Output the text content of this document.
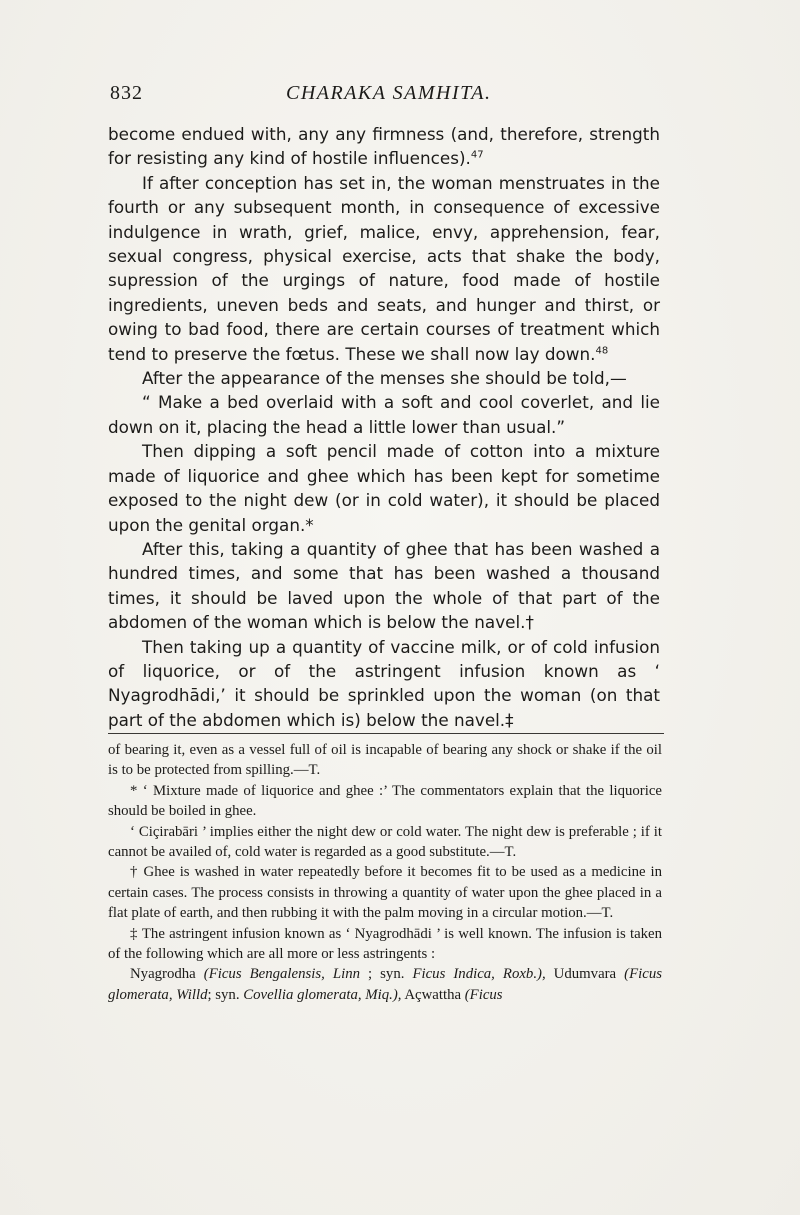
832	CHARAKA SAMHITA.

become endued with, any any firmness (and, therefore, strength for resisting any kind of hostile influences).$^{47}$

If after conception has set in, the woman menstruates in the fourth or any subsequent month, in consequence of excessive indulgence in wrath, grief, malice, envy, apprehension, fear, sexual congress, physical exercise, acts that shake the body, supression of the urgings of nature, food made of hostile ingredients, uneven beds and seats, and hunger and thirst, or owing to bad food, there are certain courses of treatment which tend to preserve the fœtus. These we shall now lay down.$^{48}$

After the appearance of the menses she should be told,—

“ Make a bed overlaid with a soft and cool coverlet, and lie down on it, placing the head a little lower than usual.”

Then dipping a soft pencil made of cotton into a mixture made of liquorice and ghee which has been kept for sometime exposed to the night dew (or in cold water), it should be placed upon the genital organ.*

After this, taking a quantity of ghee that has been washed a hundred times, and some that has been washed a thousand times, it should be laved upon the whole of that part of the abdomen of the woman which is below the navel.†

Then taking up a quantity of vaccine milk, or of cold infusion of liquorice, or of the astringent infusion known as ‘ Nyagrodhādi,’ it should be sprinkled upon the woman (on that part of the abdomen which is) below the navel.‡

of bearing it, even as a vessel full of oil is incapable of bearing any shock or shake if the oil is to be protected from spilling.—T.

* ‘ Mixture made of liquorice and ghee :’ The commentators explain that the liquorice should be boiled in ghee.

‘ Ciçirabāri ’ implies either the night dew or cold water. The night dew is preferable ; if it cannot be availed of, cold water is regarded as a good substitute.—T.

† Ghee is washed in water repeatedly before it becomes fit to be used as a medicine in certain cases. The process consists in throwing a quantity of water upon the ghee placed in a flat plate of earth, and then rubbing it with the palm moving in a circular motion.—T.

‡ The astringent infusion known as ‘ Nyagrodhādi ’ is well known. The infusion is taken of the following which are all more or less astringents :

Nyagrodha (Ficus Bengalensis, Linn ; syn. Ficus Indica, Roxb.), Udumvara (Ficus glomerata, Willd; syn. Covellia glomerata, Miq.), Açwattha (Ficus
